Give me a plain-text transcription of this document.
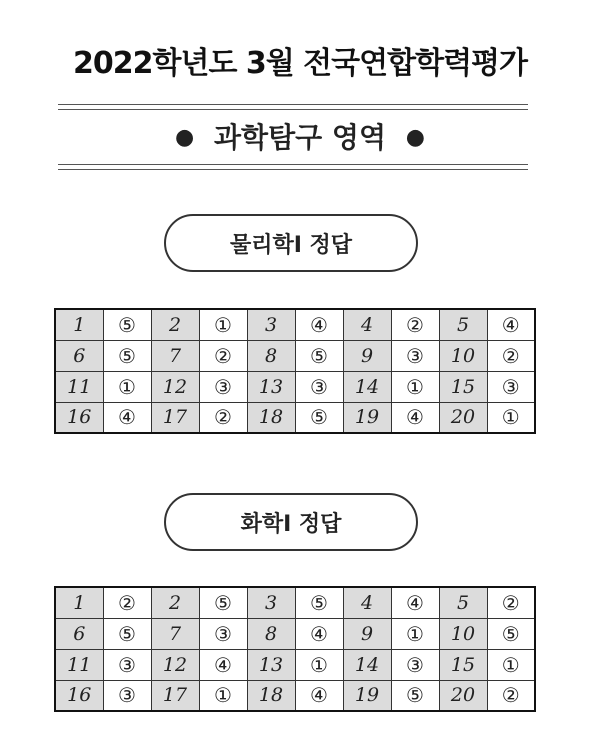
2022학년도 3월 전국연합학력평가
● 과학탐구 영역 ●
물리학Ⅰ 정답
1	⑤	2	①	3	④	4	②	5	④
6	⑤	7	②	8	⑤	9	③	10	②
11	①	12	③	13	③	14	①	15	③
16	④	17	②	18	⑤	19	④	20	①
화학Ⅰ 정답
1	②	2	⑤	3	⑤	4	④	5	②
6	⑤	7	③	8	④	9	①	10	⑤
11	③	12	④	13	①	14	③	15	①
16	③	17	①	18	④	19	⑤	20	②
